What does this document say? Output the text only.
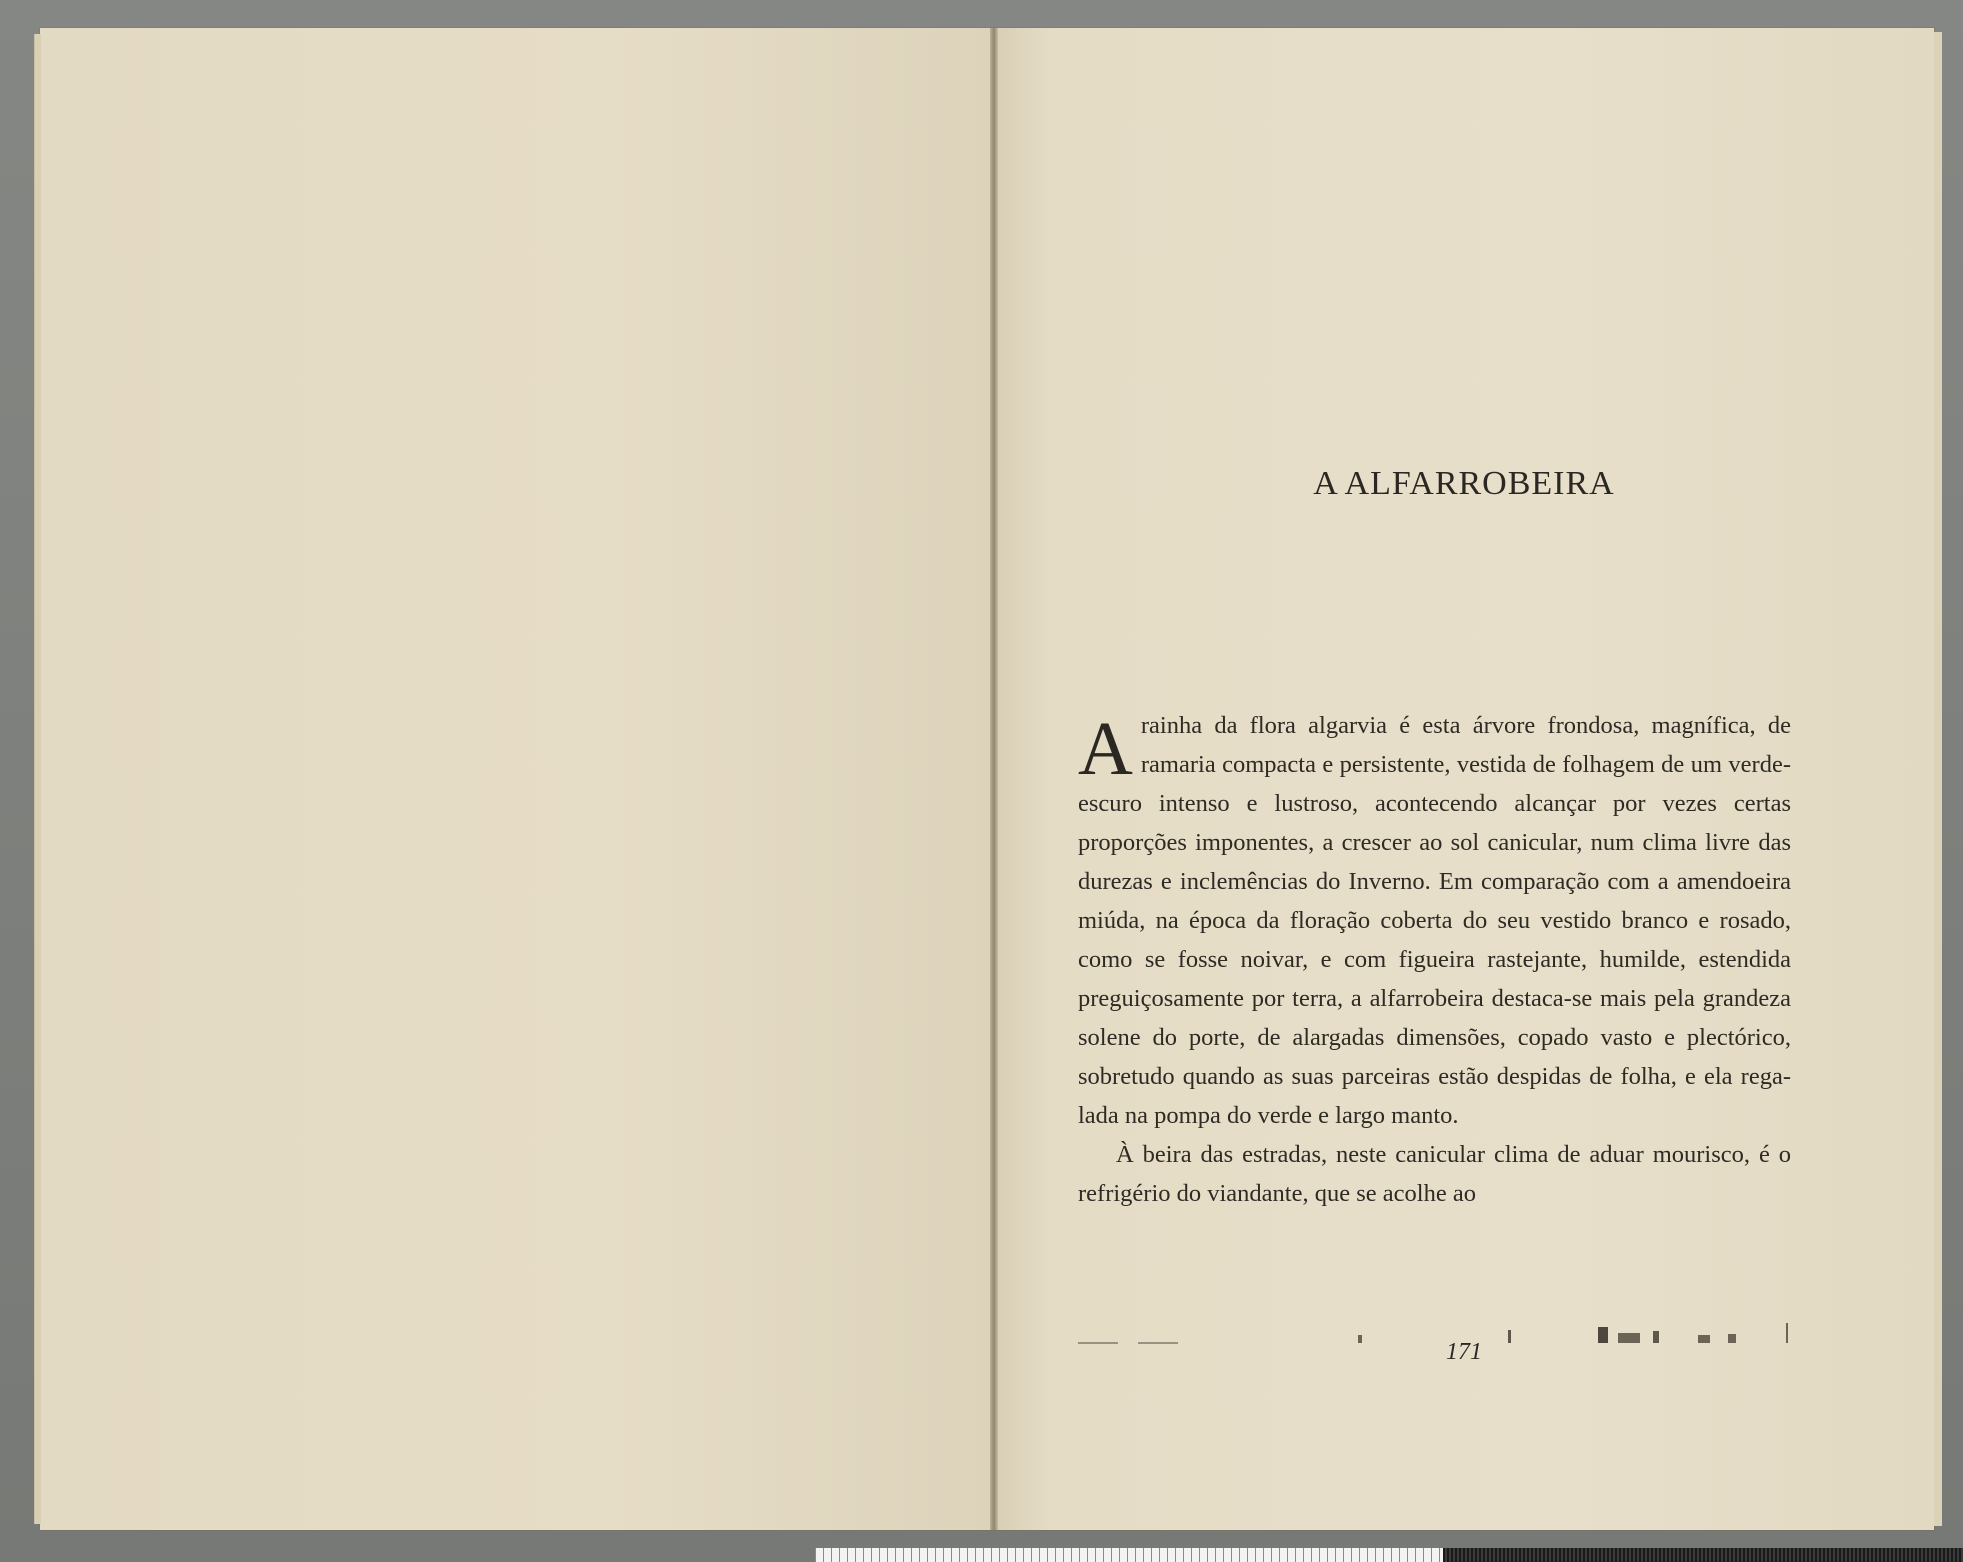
A ALFARROBEIRA

A rainha da flora algarvia é esta árvore frondosa, magnífica, de ramaria compacta e persistente, vestida de folhagem de um verde-escuro intenso e lustroso, acontecendo alcançar por vezes certas proporções imponentes, a crescer ao sol canicular, num clima livre das durezas e inclemências do Inverno. Em comparação com a amendoeira miúda, na época da floração coberta do seu vestido branco e rosado, como se fosse noivar, e com figueira rastejante, humilde, estendida preguiçosamente por terra, a alfarrobeira destaca-se mais pela grandeza solene do porte, de alargadas dimensões, copado vasto e plectórico, sobretudo quando as suas parceiras estão despidas de folha, e ela regalada na pompa do verde e largo manto.

À beira das estradas, neste canicular clima de aduar mourisco, é o refrigério do viandante, que se acolhe ao

171
